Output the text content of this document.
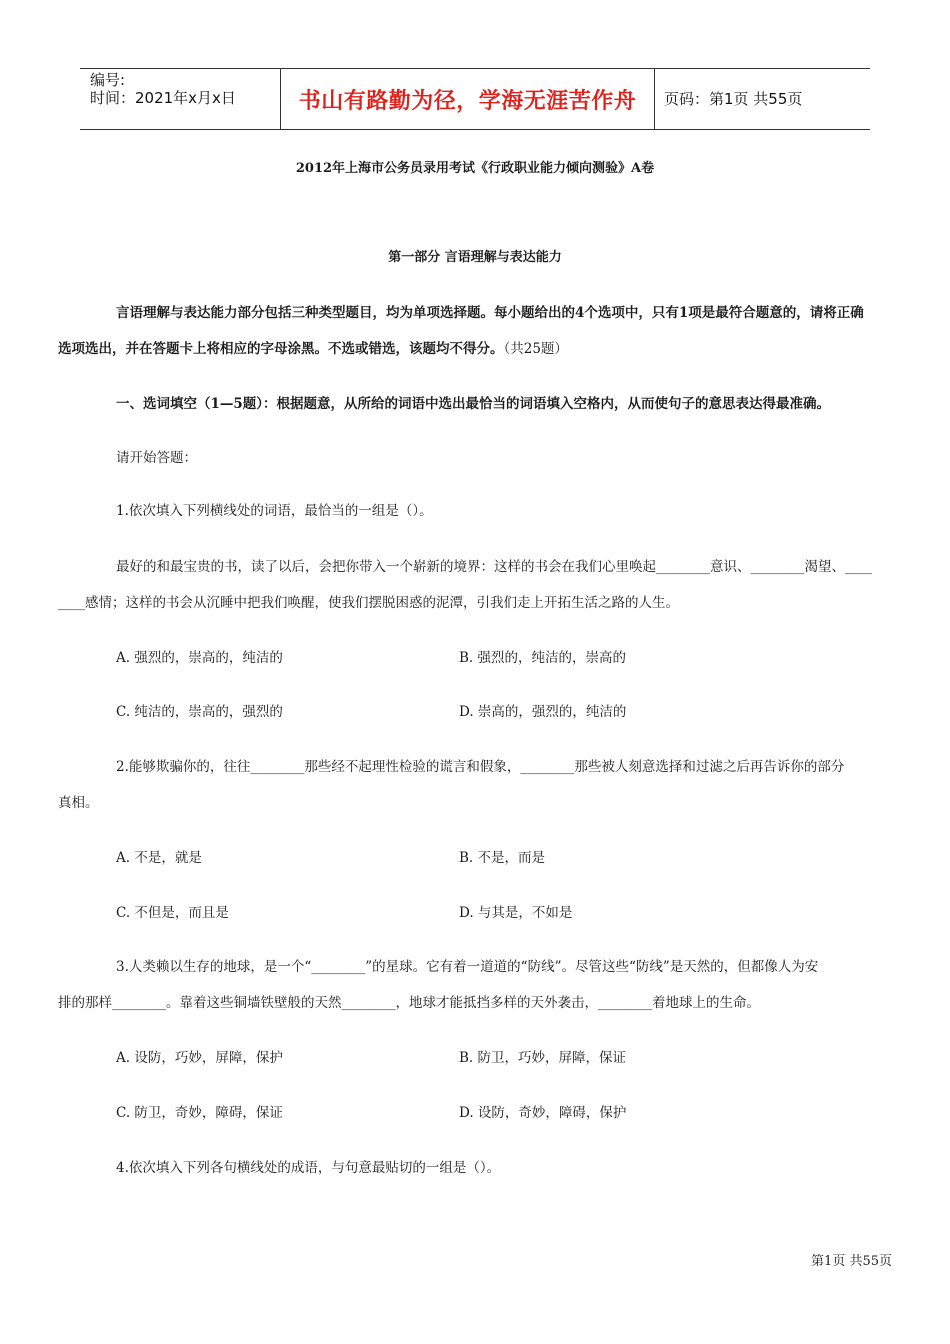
编号:
时间：2021年x月x日	书山有路勤为径，学海无涯苦作舟	页码：第1页 共55页
2012年上海市公务员录用考试《行政职业能力倾向测验》A卷
第一部分 言语理解与表达能力
言语理解与表达能力部分包括三种类型题目，均为单项选择题。每小题给出的4个选项中，只有1项是最符合题意的，请将正确
选项选出，并在答题卡上将相应的字母涂黑。不选或错选，该题均不得分。（共25题）
一、选词填空（1—5题）：根据题意，从所给的词语中选出最恰当的词语填入空格内，从而使句子的意思表达得最准确。
请开始答题：
1.依次填入下列横线处的词语，最恰当的一组是（）。
最好的和最宝贵的书，读了以后，会把你带入一个崭新的境界：这样的书会在我们心里唤起________意识、________渴望、____
____感情；这样的书会从沉睡中把我们唤醒，使我们摆脱困惑的泥潭，引我们走上开拓生活之路的人生。
A. 强烈的，崇高的，纯洁的	B. 强烈的，纯洁的，崇高的
C. 纯洁的，崇高的，强烈的	D. 崇高的，强烈的，纯洁的
2.能够欺骗你的，往往________那些经不起理性检验的谎言和假象，________那些被人刻意选择和过滤之后再告诉你的部分
真相。
A. 不是，就是	B. 不是，而是
C. 不但是，而且是	D. 与其是，不如是
3.人类赖以生存的地球，是一个“________”的星球。它有着一道道的“防线”。尽管这些“防线”是天然的，但都像人为安
排的那样________。靠着这些铜墙铁壁般的天然________，地球才能抵挡多样的天外袭击，________着地球上的生命。
A. 设防，巧妙，屏障，保护	B. 防卫，巧妙，屏障，保证
C. 防卫，奇妙，障碍，保证	D. 设防，奇妙，障碍，保护
4.依次填入下列各句横线处的成语，与句意最贴切的一组是（）。
第1页 共55页
